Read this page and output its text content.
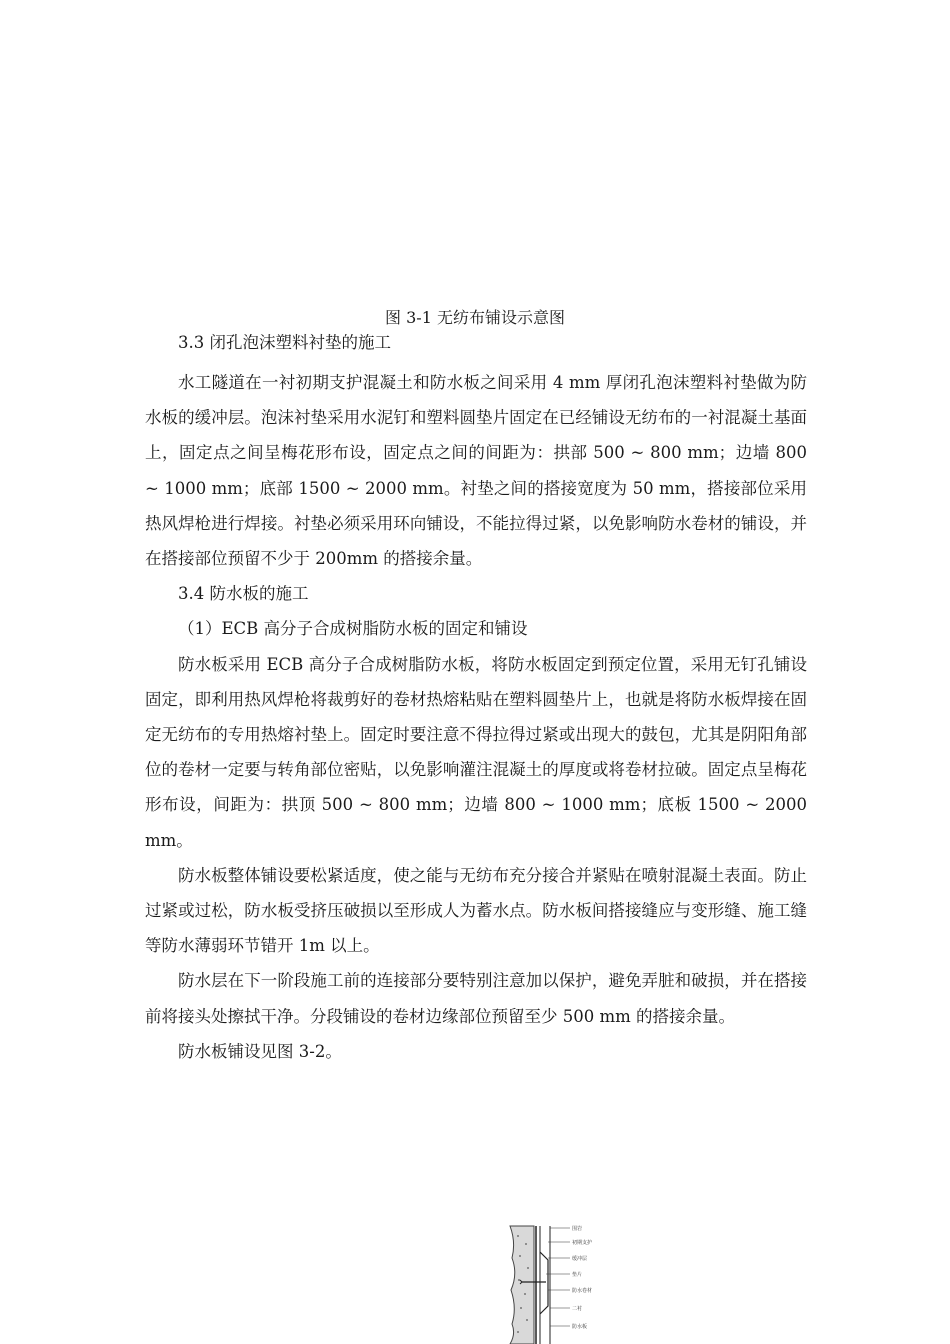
图 3-1 无纺布铺设示意图

3.3 闭孔泡沫塑料衬垫的施工

水工隧道在一衬初期支护混凝土和防水板之间采用 4 mm 厚闭孔泡沫塑料衬垫做为防水板的缓冲层。泡沫衬垫采用水泥钉和塑料圆垫片固定在已经铺设无纺布的一衬混凝土基面上，固定点之间呈梅花形布设，固定点之间的间距为：拱部 500 ~ 800 mm；边墙 800 ~ 1000 mm；底部 1500 ~ 2000 mm。衬垫之间的搭接宽度为 50 mm，搭接部位采用热风焊枪进行焊接。衬垫必须采用环向铺设，不能拉得过紧，以免影响防水卷材的铺设，并在搭接部位预留不少于 200mm 的搭接余量。

3.4 防水板的施工

（1）ECB 高分子合成树脂防水板的固定和铺设

防水板采用 ECB 高分子合成树脂防水板，将防水板固定到预定位置，采用无钉孔铺设固定，即利用热风焊枪将裁剪好的卷材热熔粘贴在塑料圆垫片上，也就是将防水板焊接在固定无纺布的专用热熔衬垫上。固定时要注意不得拉得过紧或出现大的鼓包，尤其是阴阳角部位的卷材一定要与转角部位密贴，以免影响灌注混凝土的厚度或将卷材拉破。固定点呈梅花形布设，间距为：拱顶 500 ~ 800 mm；边墙 800 ~ 1000 mm；底板 1500 ~ 2000 mm。

防水板整体铺设要松紧适度，使之能与无纺布充分接合并紧贴在喷射混凝土表面。防止过紧或过松，防水板受挤压破损以至形成人为蓄水点。防水板间搭接缝应与变形缝、施工缝等防水薄弱环节错开 1m 以上。

防水层在下一阶段施工前的连接部分要特别注意加以保护，避免弄脏和破损，并在搭接前将接头处擦拭干净。分段铺设的卷材边缘部位预留至少 500 mm 的搭接余量。

防水板铺设见图 3-2。

围岩
初期支护
缓冲层
垫片
防水卷材
二衬
防水板
